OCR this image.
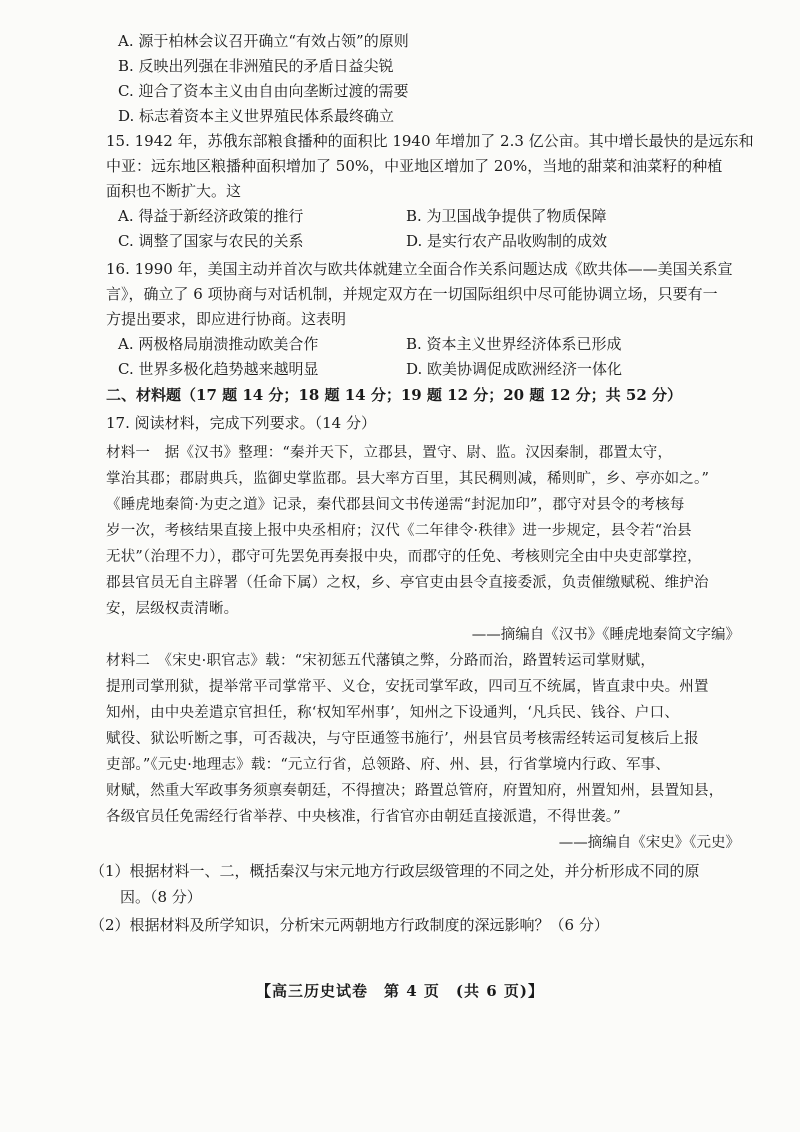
A. 源于柏林会议召开确立“有效占领”的原则
B. 反映出列强在非洲殖民的矛盾日益尖锐
C. 迎合了资本主义由自由向垄断过渡的需要
D. 标志着资本主义世界殖民体系最终确立
15. 1942 年，苏俄东部粮食播种的面积比 1940 年增加了 2.3 亿公亩。其中增长最快的是远东和
中亚：远东地区粮播种面积增加了 50%，中亚地区增加了 20%，当地的甜菜和油菜籽的种植
面积也不断扩大。这
A. 得益于新经济政策的推行	B. 为卫国战争提供了物质保障
C. 调整了国家与农民的关系	D. 是实行农产品收购制的成效
16. 1990 年，美国主动并首次与欧共体就建立全面合作关系问题达成《欧共体——美国关系宣
言》，确立了 6 项协商与对话机制，并规定双方在一切国际组织中尽可能协调立场，只要有一
方提出要求，即应进行协商。这表明
A. 两极格局崩溃推动欧美合作	B. 资本主义世界经济体系已形成
C. 世界多极化趋势越来越明显	D. 欧美协调促成欧洲经济一体化
二、材料题（17 题 14 分；18 题 14 分；19 题 12 分；20 题 12 分；共 52 分）
17. 阅读材料，完成下列要求。（14 分）
材料一　据《汉书》整理：“秦并天下，立郡县，置守、尉、监。汉因秦制，郡置太守，
掌治其郡；郡尉典兵，监御史掌监郡。县大率方百里，其民稠则减，稀则旷，乡、亭亦如之。”
《睡虎地秦简·为吏之道》记录，秦代郡县间文书传递需“封泥加印”，郡守对县令的考核每
岁一次，考核结果直接上报中央丞相府；汉代《二年律令·秩律》进一步规定，县令若“治县
无状”（治理不力），郡守可先罢免再奏报中央，而郡守的任免、考核则完全由中央吏部掌控，
郡县官员无自主辟署（任命下属）之权，乡、亭官吏由县令直接委派，负责催缴赋税、维护治
安，层级权责清晰。
——摘编自《汉书》《睡虎地秦简文字编》
材料二　《宋史·职官志》载：“宋初惩五代藩镇之弊，分路而治，路置转运司掌财赋，
提刑司掌刑狱，提举常平司掌常平、义仓，安抚司掌军政，四司互不统属，皆直隶中央。州置
知州，由中央差遣京官担任，称‘权知军州事’，知州之下设通判，‘凡兵民、钱谷、户口、
赋役、狱讼听断之事，可否裁决，与守臣通签书施行’，州县官员考核需经转运司复核后上报
吏部。”《元史·地理志》载：“元立行省，总领路、府、州、县，行省掌境内行政、军事、
财赋，然重大军政事务须禀奏朝廷，不得擅决；路置总管府，府置知府，州置知州，县置知县，
各级官员任免需经行省举荐、中央核准，行省官亦由朝廷直接派遣，不得世袭。”
——摘编自《宋史》《元史》
（1）根据材料一、二，概括秦汉与宋元地方行政层级管理的不同之处，并分析形成不同的原
因。（8 分）
（2）根据材料及所学知识，分析宋元两朝地方行政制度的深远影响？（6 分）
【高三历史试卷　第 4 页　(共 6 页)】
